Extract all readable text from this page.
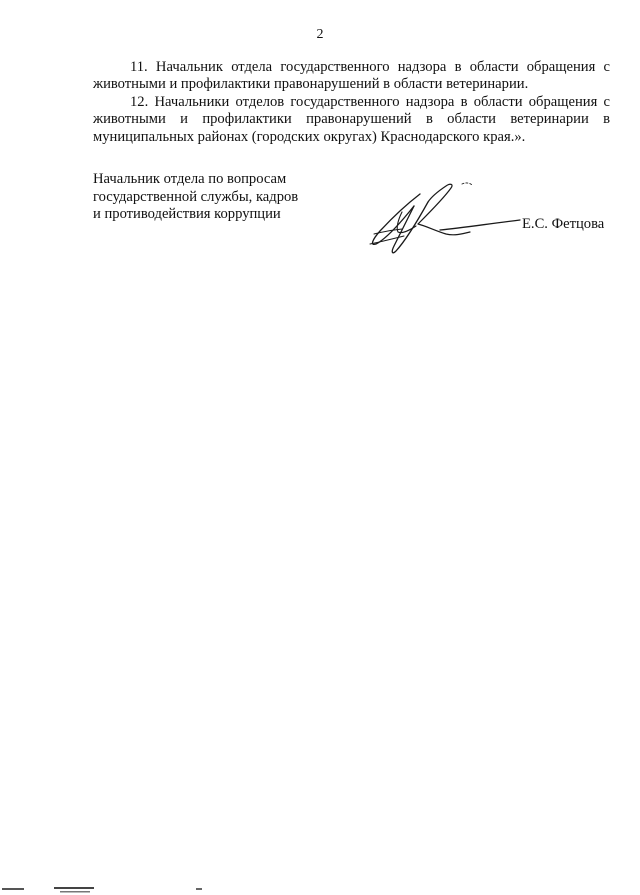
2

11. Начальник отдела государственного надзора в области обращения с животными и профилактики правонарушений в области ветеринарии.

12. Начальники отделов государственного надзора в области обращения с животными и профилактики правонарушений в области ветеринарии в муниципальных районах (городских округах) Краснодарского края.».

Начальник отдела по вопросам
государственной службы, кадров
и противодействия коррупции
Е.С. Фетцова
